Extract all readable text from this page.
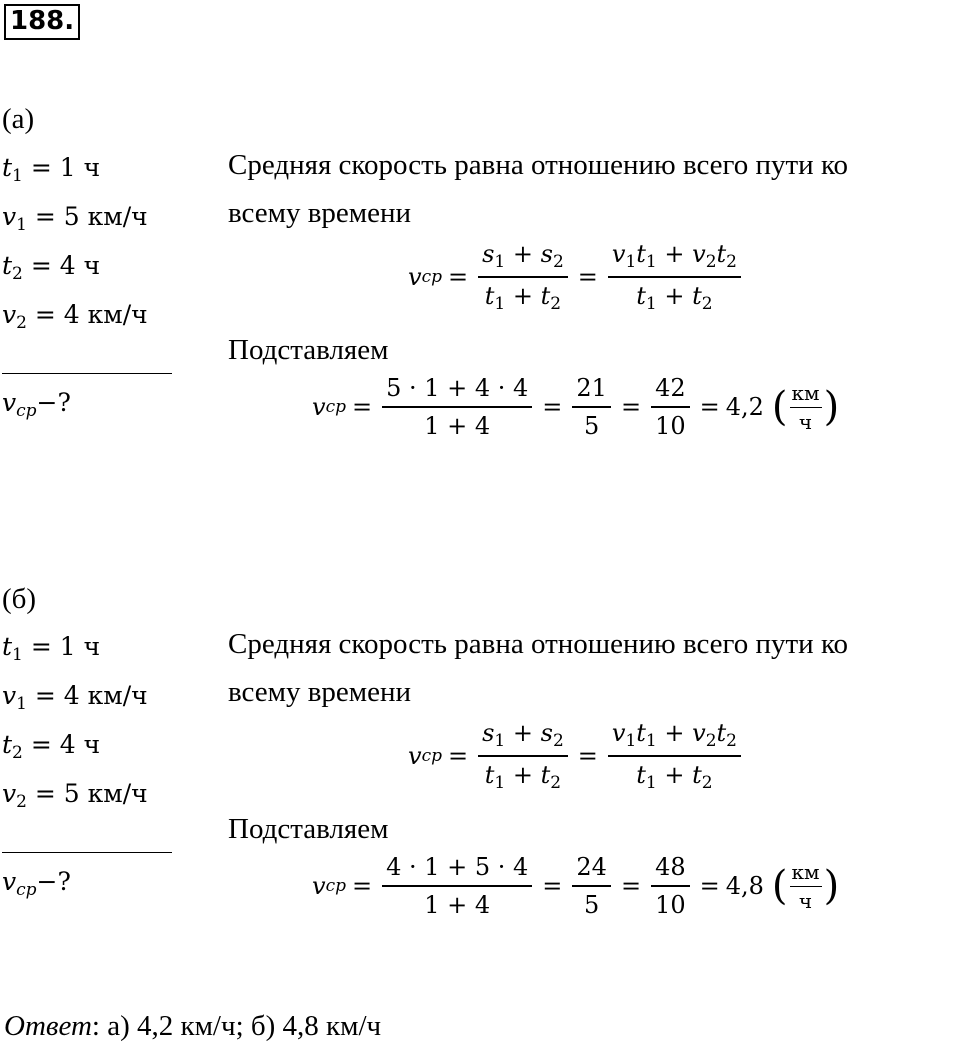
188.
(а)
$t_1 = 1$ ч
$v_1 = 5$ км/ч
$t_2 = 4$ ч
$v_2 = 4$ км/ч
$v_{cp}-$?
Средняя скорость равна отношению всего пути ко
всему времени
v cp = $\frac{s_1 + s_2}{t_1 + t_2} = \frac{v_1t_1 + v_2t_2}{t_1 + t_2}$
Подставляем
v cp = $\frac{5 \cdot 1 + 4 \cdot 4}{1 + 4} = \frac{21}{5} = \frac{42}{10} = 4,2$ ( $\frac{км}{ч}$ )
(б)
$t_1 = 1$ ч
$v_1 = 4$ км/ч
$t_2 = 4$ ч
$v_2 = 5$ км/ч
$v_{cp}-$?
Средняя скорость равна отношению всего пути ко
всему времени
v cp = $\frac{s_1 + s_2}{t_1 + t_2} = \frac{v_1t_1 + v_2t_2}{t_1 + t_2}$
Подставляем
v cp = $\frac{4 \cdot 1 + 5 \cdot 4}{1 + 4} = \frac{24}{5} = \frac{48}{10} = 4,8$ ( $\frac{км}{ч}$ )
Ответ: а) 4,2 км/ч; б) 4,8 км/ч
